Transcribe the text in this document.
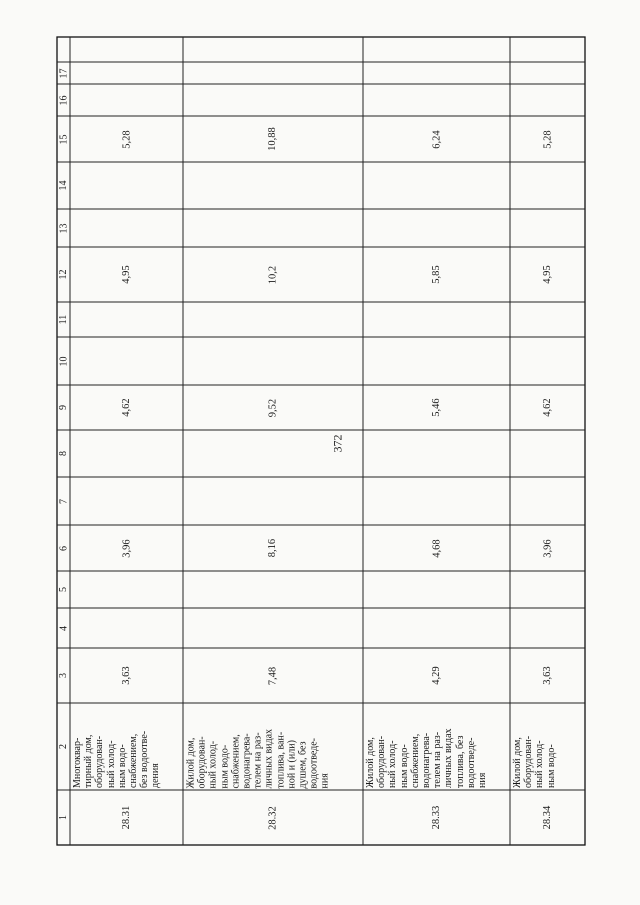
372
1
2
3
4
5
6
7
8
9
10
11
12
13
14
15
16
17
28.31
Многоквар-
тирный дом,
оборудован-
ный холод-
ным водо-
снабжением,
без водоотве-
дения
3,63
3,96
4,62
4,95
5,28
28.32
Жилой дом,
оборудован-
ный холод-
ным водо-
снабжением,
водонагрева-
телем на раз-
личных видах
топлива, ван-
ной и (или)
душем, без
водоотведе-
ния
7,48
8,16
9,52
10,2
10,88
28.33
Жилой дом,
оборудован-
ный холод-
ным водо-
снабжением,
водонагрева-
телем на раз-
личных видах
топлива, без
водоотведе-
ния
4,29
4,68
5,46
5,85
6,24
28.34
Жилой дом,
оборудован-
ный холод-
ным водо-
3,63
3,96
4,62
4,95
5,28
